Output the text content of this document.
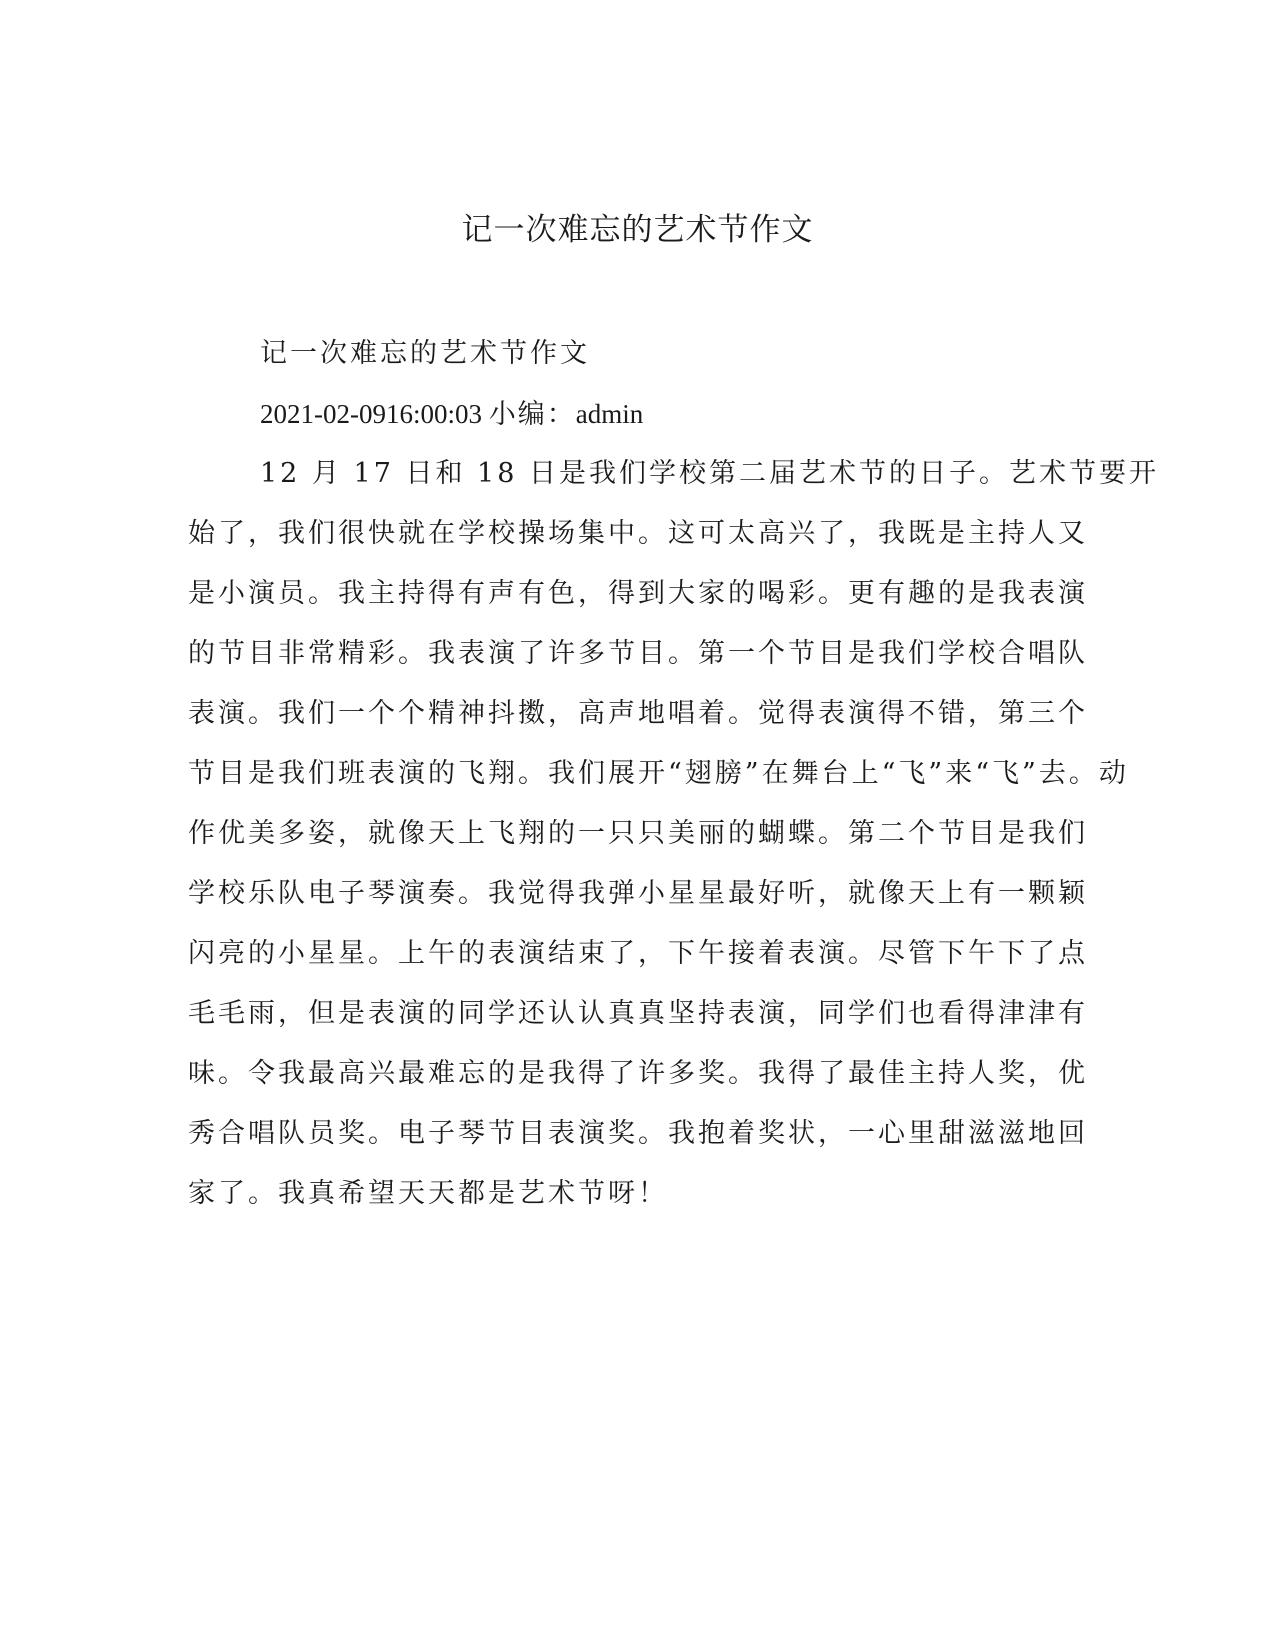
记一次难忘的艺术节作文
记一次难忘的艺术节作文
2021-02-0916:00:03 小编：admin
12 月 17 日和 18 日是我们学校第二届艺术节的日子。艺术节要开
始了，我们很快就在学校操场集中。这可太高兴了，我既是主持人又
是小演员。我主持得有声有色，得到大家的喝彩。更有趣的是我表演
的节目非常精彩。我表演了许多节目。第一个节目是我们学校合唱队
表演。我们一个个精神抖擞，高声地唱着。觉得表演得不错，第三个
节目是我们班表演的飞翔。我们展开“翅膀”在舞台上“飞”来“飞”去。动
作优美多姿，就像天上飞翔的一只只美丽的蝴蝶。第二个节目是我们
学校乐队电子琴演奏。我觉得我弹小星星最好听，就像天上有一颗颖
闪亮的小星星。上午的表演结束了，下午接着表演。尽管下午下了点
毛毛雨，但是表演的同学还认认真真坚持表演，同学们也看得津津有
味。令我最高兴最难忘的是我得了许多奖。我得了最佳主持人奖，优
秀合唱队员奖。电子琴节目表演奖。我抱着奖状，一心里甜滋滋地回
家了。我真希望天天都是艺术节呀！
